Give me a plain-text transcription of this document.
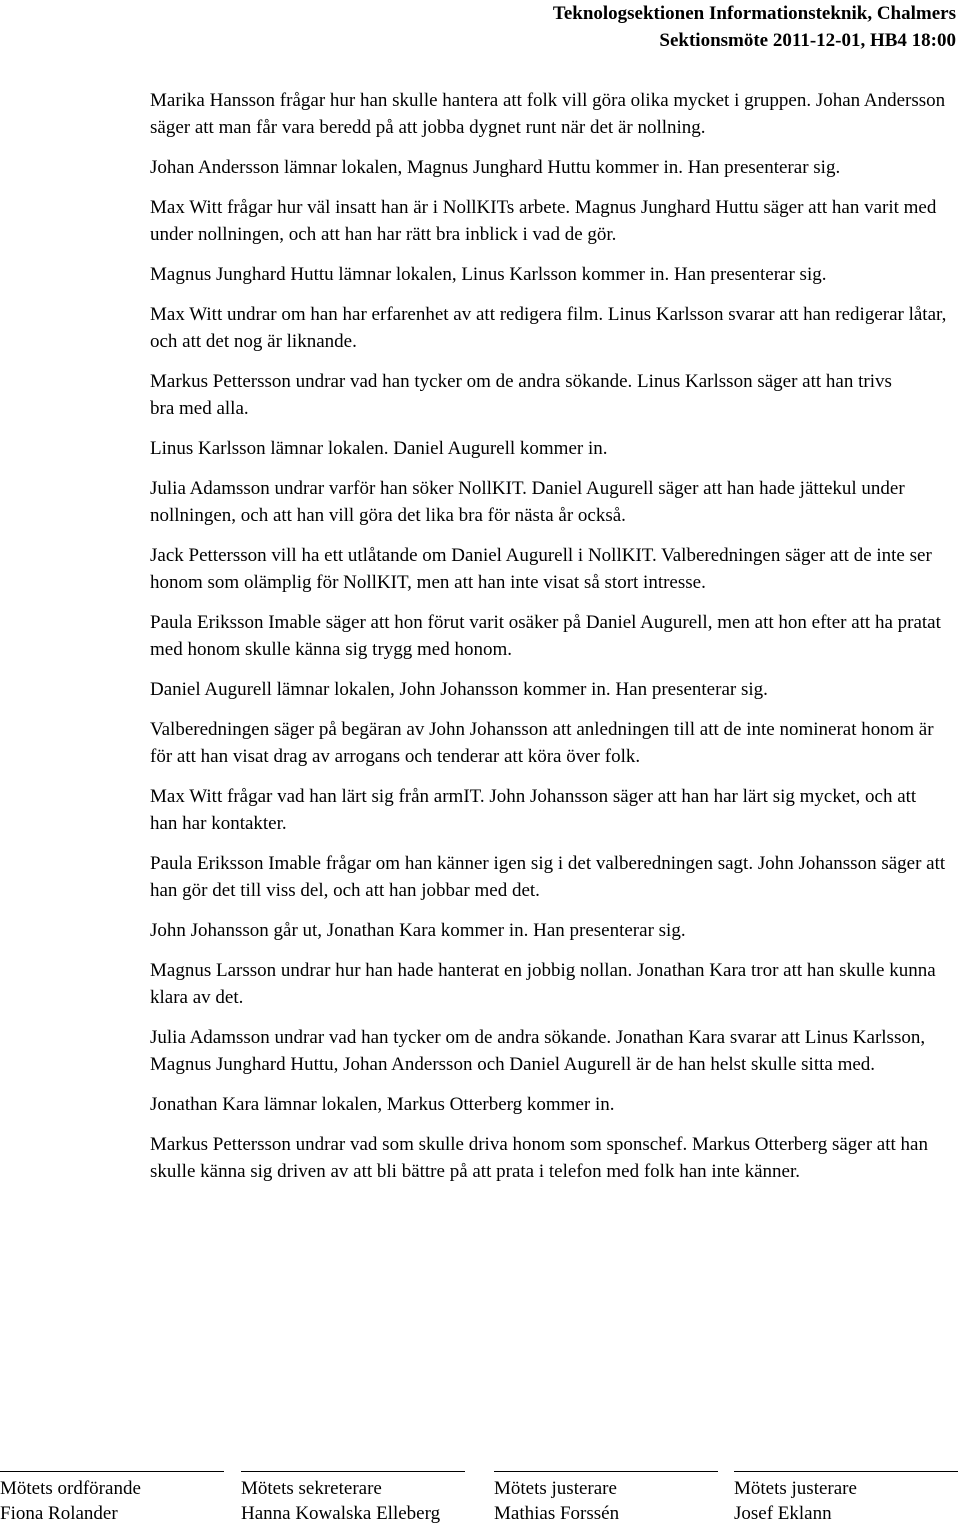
Teknologsektionen Informationsteknik, Chalmers
Sektionsmöte 2011-12-01, HB4 18:00

Marika Hansson frågar hur han skulle hantera att folk vill göra olika mycket i gruppen. Johan Andersson säger att man får vara beredd på att jobba dygnet runt när det är nollning.

Johan Andersson lämnar lokalen, Magnus Junghard Huttu kommer in. Han presenterar sig.

Max Witt frågar hur väl insatt han är i NollKITs arbete. Magnus Junghard Huttu säger att han varit med under nollningen, och att han har rätt bra inblick i vad de gör.

Magnus Junghard Huttu lämnar lokalen, Linus Karlsson kommer in. Han presenterar sig.

Max Witt undrar om han har erfarenhet av att redigera film. Linus Karlsson svarar att han redigerar låtar, och att det nog är liknande.

Markus Pettersson undrar vad han tycker om de andra sökande. Linus Karlsson säger att han trivs bra med alla.

Linus Karlsson lämnar lokalen. Daniel Augurell kommer in.

Julia Adamsson undrar varför han söker NollKIT. Daniel Augurell säger att han hade jättekul under nollningen, och att han vill göra det lika bra för nästa år också.

Jack Pettersson vill ha ett utlåtande om Daniel Augurell i NollKIT. Valberedningen säger att de inte ser honom som olämplig för NollKIT, men att han inte visat så stort intresse.

Paula Eriksson Imable säger att hon förut varit osäker på Daniel Augurell, men att hon efter att ha pratat med honom skulle känna sig trygg med honom.

Daniel Augurell lämnar lokalen, John Johansson kommer in. Han presenterar sig.

Valberedningen säger på begäran av John Johansson att anledningen till att de inte nominerat honom är för att han visat drag av arrogans och tenderar att köra över folk.

Max Witt frågar vad han lärt sig från armIT. John Johansson säger att han har lärt sig mycket, och att han har kontakter.

Paula Eriksson Imable frågar om han känner igen sig i det valberedningen sagt. John Johansson säger att han gör det till viss del, och att han jobbar med det.

John Johansson går ut, Jonathan Kara kommer in. Han presenterar sig.

Magnus Larsson undrar hur han hade hanterat en jobbig nollan. Jonathan Kara tror att han skulle kunna klara av det.

Julia Adamsson undrar vad han tycker om de andra sökande. Jonathan Kara svarar att Linus Karlsson, Magnus Junghard Huttu, Johan Andersson och Daniel Augurell är de han helst skulle sitta med.

Jonathan Kara lämnar lokalen, Markus Otterberg kommer in.

Markus Pettersson undrar vad som skulle driva honom som sponschef. Markus Otterberg säger att han skulle känna sig driven av att bli bättre på att prata i telefon med folk han inte känner.

Mötets ordförande	Mötets sekreterare	Mötets justerare	Mötets justerare
Fiona Rolander	Hanna Kowalska Elleberg	Mathias Forssén	Josef Eklann
